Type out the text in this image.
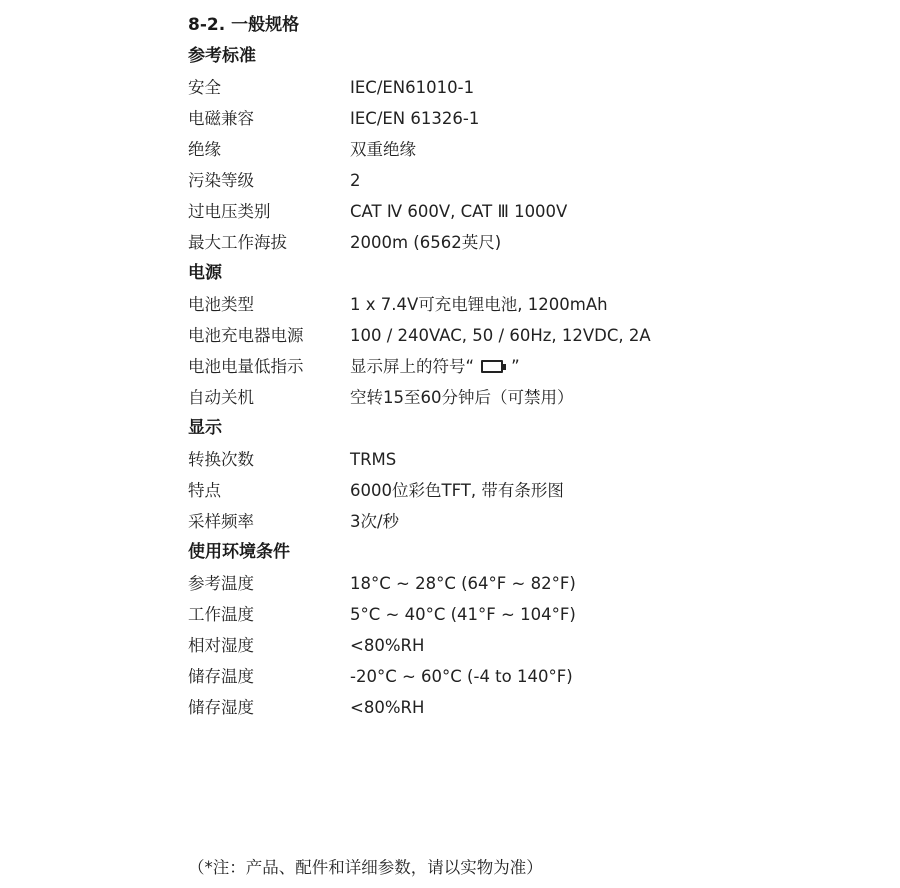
8-2. 一般规格
参考标准
安全	IEC/EN61010-1
电磁兼容	IEC/EN 61326-1
绝缘	双重绝缘
污染等级	2
过电压类别	CAT Ⅳ 600V, CAT Ⅲ 1000V
最大工作海拔	2000m (6562英尺)
电源
电池类型	1 x 7.4V可充电锂电池, 1200mAh
电池充电器电源	100 / 240VAC, 50 / 60Hz, 12VDC, 2A
电池电量低指示	显示屏上的符号“ ”
自动关机	空转15至60分钟后（可禁用）
显示
转换次数	TRMS
特点	6000位彩色TFT, 带有条形图
采样频率	3次/秒
使用环境条件
参考温度	18°C ~ 28°C (64°F ~ 82°F)
工作温度	5°C ~ 40°C (41°F ~ 104°F)
相对湿度	<80%RH
储存温度	-20°C ~ 60°C (-4 to 140°F)
储存湿度	<80%RH
（*注：产品、配件和详细参数，请以实物为准）
